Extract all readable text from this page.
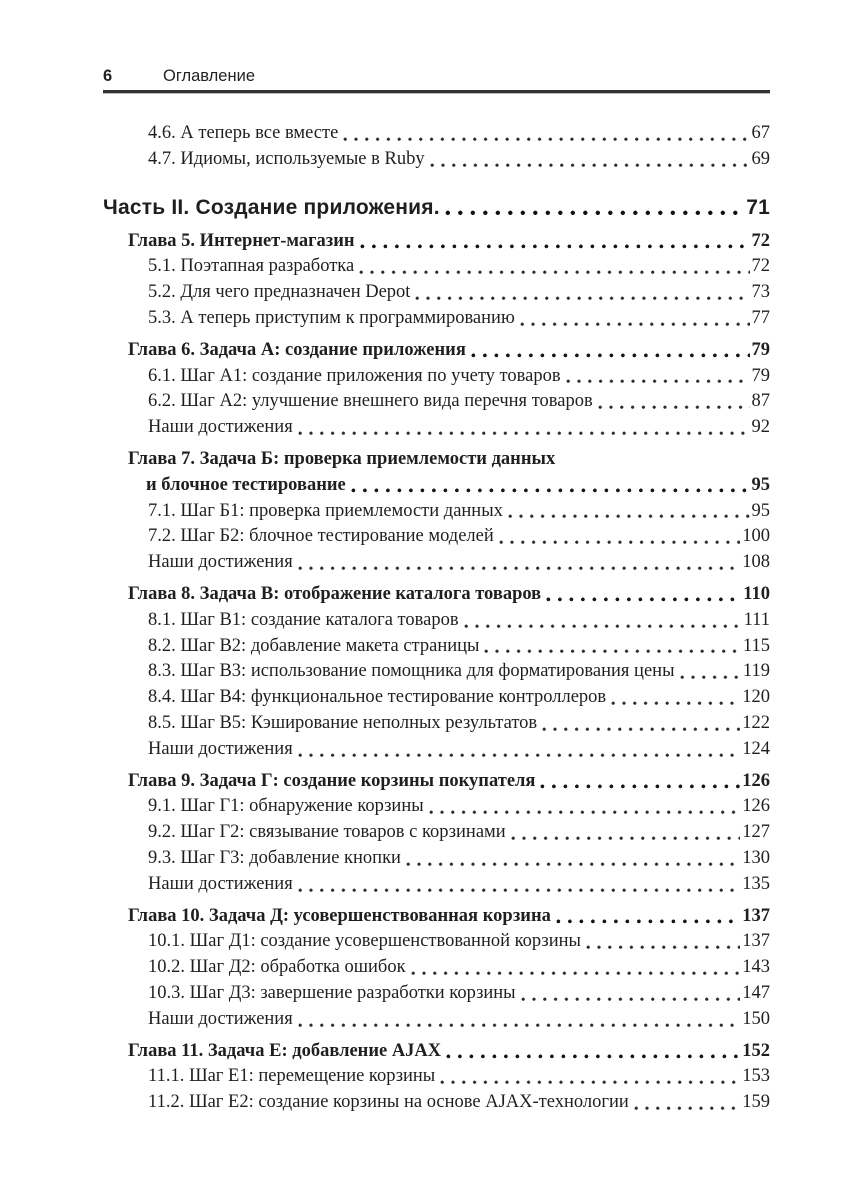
6	Оглавление
4.6. А теперь все вместе	67
4.7. Идиомы, используемые в Ruby	69
Часть II. Создание приложения.	71
Глава 5. Интернет-магазин	72
5.1. Поэтапная разработка	72
5.2. Для чего предназначен Depot	73
5.3. А теперь приступим к программированию	77
Глава 6. Задача А: создание приложения	79
6.1. Шаг А1: создание приложения по учету товаров	79
6.2. Шаг А2: улучшение внешнего вида перечня товаров	87
Наши достижения	92
Глава 7. Задача Б: проверка приемлемости данных
и блочное тестирование	95
7.1. Шаг Б1: проверка приемлемости данных	95
7.2. Шаг Б2: блочное тестирование моделей	100
Наши достижения	108
Глава 8. Задача В: отображение каталога товаров	110
8.1. Шаг В1: создание каталога товаров	111
8.2. Шаг В2: добавление макета страницы	115
8.3. Шаг В3: использование помощника для форматирования цены	119
8.4. Шаг В4: функциональное тестирование контроллеров	120
8.5. Шаг В5: Кэширование неполных результатов	122
Наши достижения	124
Глава 9. Задача Г: создание корзины покупателя	126
9.1. Шаг Г1: обнаружение корзины	126
9.2. Шаг Г2: связывание товаров с корзинами	127
9.3. Шаг Г3: добавление кнопки	130
Наши достижения	135
Глава 10. Задача Д: усовершенствованная корзина	137
10.1. Шаг Д1: создание усовершенствованной корзины	137
10.2. Шаг Д2: обработка ошибок	143
10.3. Шаг Д3: завершение разработки корзины	147
Наши достижения	150
Глава 11. Задача Е: добавление AJAX	152
11.1. Шаг Е1: перемещение корзины	153
11.2. Шаг Е2: создание корзины на основе AJAX-технологии	159
